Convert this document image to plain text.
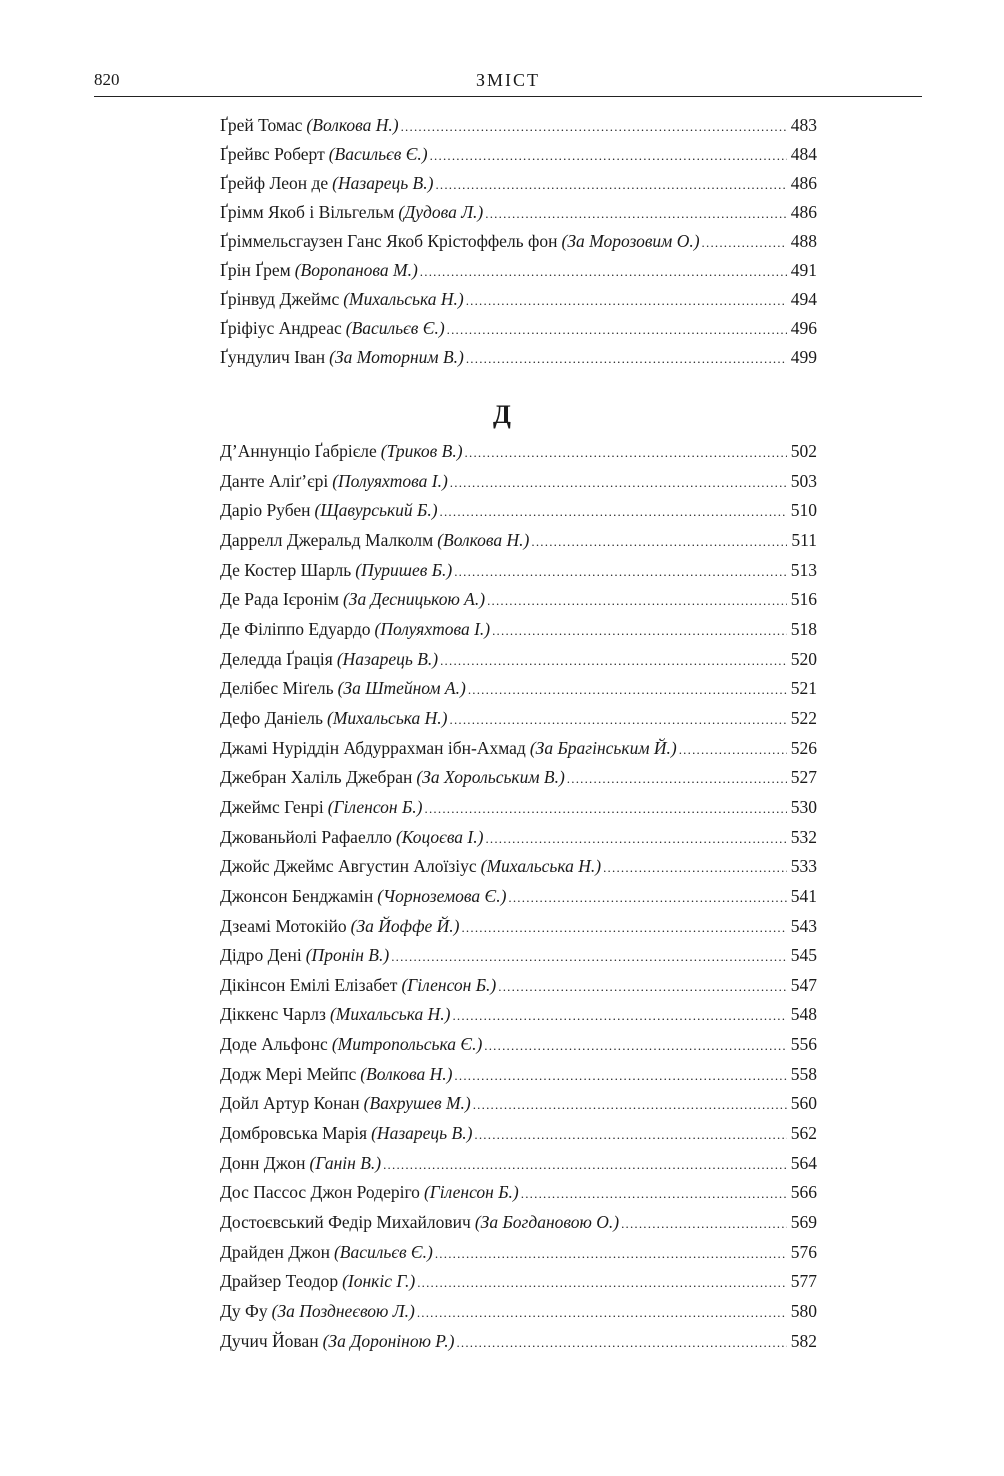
820	ЗМІСТ
Ґрей Томас (Волкова Н.) .....	483
Ґрейвс Роберт (Васильєв Є.) .....	484
Ґрейф Леон де (Назарець В.) .....	486
Ґрімм Якоб і Вільгельм (Дудова Л.) .....	486
Ґріммельсгаузен Ганс Якоб Крістоффель фон (За Морозовим О.) .....	488
Ґрін Ґрем (Воропанова М.) .....	491
Ґрінвуд Джеймс (Михальська Н.) .....	494
Ґріфіус Андреас (Васильєв Є.) .....	496
Ґундулич Іван (За Моторним В.) .....	499
Д
Д’Аннунціо Ґабрієле (Триков В.) .....	502
Данте Аліґ’єрі (Полуяхтова І.) .....	503
Даріо Рубен (Щавурський Б.) .....	510
Даррелл Джеральд Малколм (Волкова Н.) .....	511
Де Костер Шарль (Пуришев Б.) .....	513
Де Рада Ієронім (За Десницькою А.) .....	516
Де Філіппо Едуардо (Полуяхтова І.) .....	518
Деледда Ґрація (Назарець В.) .....	520
Делібес Міґель (За Штейном А.) .....	521
Дефо Даніель (Михальська Н.) .....	522
Джамі Нуріддін Абдуррахман ібн-Ахмад (За Брагінським Й.) .....	526
Джебран Халіль Джебран (За Хорольським В.) .....	527
Джеймс Генрі (Гіленсон Б.) .....	530
Джованьйолі Рафаелло (Коцоєва І.) .....	532
Джойс Джеймс Августин Алоїзіус (Михальська Н.) .....	533
Джонсон Бенджамін (Чорноземова Є.) .....	541
Дзеамі Мотокійо (За Йоффе Й.) .....	543
Дідро Дені (Пронін В.) .....	545
Дікінсон Емілі Елізабет (Гіленсон Б.) .....	547
Діккенс Чарлз (Михальська Н.) .....	548
Доде Альфонс (Митропольська Є.) .....	556
Додж Мері Мейпс (Волкова Н.) .....	558
Дойл Артур Конан (Вахрушев М.) .....	560
Домбровська Марія (Назарець В.) .....	562
Донн Джон (Ганін В.) .....	564
Дос Пассос Джон Родеріго (Гіленсон Б.) .....	566
Достоєвський Федір Михайлович (За Богдановою О.) .....	569
Драйден Джон (Васильєв Є.) .....	576
Драйзер Теодор (Іонкіс Г.) .....	577
Ду Фу (За Позднеєвою Л.) .....	580
Дучич Йован (За Дороніною Р.) .....	582
